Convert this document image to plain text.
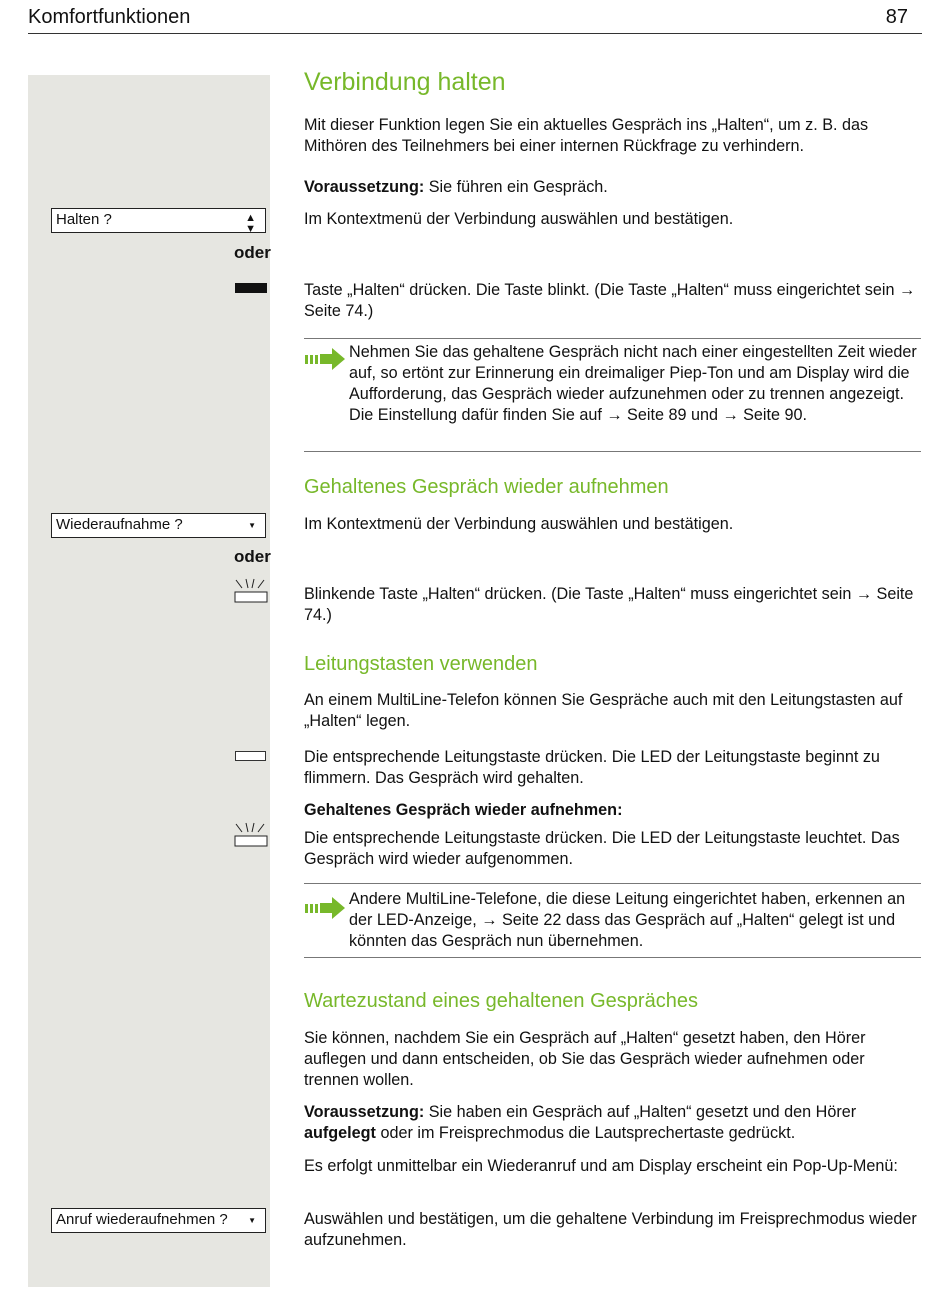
Komfortfunktionen	87
Halten ?	▲
▼
oder
Wiederaufnahme ?	▼
oder
Anruf wiederaufnehmen ?	▼
Verbindung halten

Mit dieser Funktion legen Sie ein aktuelles Gespräch ins „Halten“, um z. B. das Mithören des Teilnehmers bei einer internen Rückfrage zu verhindern.

Voraussetzung: Sie führen ein Gespräch.

Im Kontextmenü der Verbindung auswählen und bestätigen.

Taste „Halten“ drücken. Die Taste blinkt. (Die Taste „Halten“ muss eingerichtet sein → Seite 74.)

Nehmen Sie das gehaltene Gespräch nicht nach einer eingestellten Zeit wieder auf, so ertönt zur Erinnerung ein dreimaliger Piep-Ton und am Display wird die Aufforderung, das Gespräch wieder aufzunehmen oder zu trennen angezeigt. Die Einstellung dafür finden Sie auf → Seite 89 und → Seite 90.
Gehaltenes Gespräch wieder aufnehmen

Im Kontextmenü der Verbindung auswählen und bestätigen.

Blinkende Taste „Halten“ drücken. (Die Taste „Halten“ muss eingerichtet sein → Seite 74.)

Leitungstasten verwenden

An einem MultiLine-Telefon können Sie Gespräche auch mit den Leitungstasten auf „Halten“ legen.

Die entsprechende Leitungstaste drücken. Die LED der Leitungstaste beginnt zu flimmern. Das Gespräch wird gehalten.

Gehaltenes Gespräch wieder aufnehmen:

Die entsprechende Leitungstaste drücken. Die LED der Leitungstaste leuchtet. Das Gespräch wird wieder aufgenommen.

Andere MultiLine-Telefone, die diese Leitung eingerichtet haben, erkennen an der LED-Anzeige, → Seite 22 dass das Gespräch auf „Halten“ gelegt ist und könnten das Gespräch nun übernehmen.
Wartezustand eines gehaltenen Gespräches

Sie können, nachdem Sie ein Gespräch auf „Halten“ gesetzt haben, den Hörer auflegen und dann entscheiden, ob Sie das Gespräch wieder aufnehmen oder trennen wollen.

Voraussetzung: Sie haben ein Gespräch auf „Halten“ gesetzt und den Hörer aufgelegt oder im Freisprechmodus die Lautsprechertaste gedrückt.

Es erfolgt unmittelbar ein Wiederanruf und am Display erscheint ein Pop-Up-Menü:

Auswählen und bestätigen, um die gehaltene Verbindung im Freisprechmodus wieder aufzunehmen.
